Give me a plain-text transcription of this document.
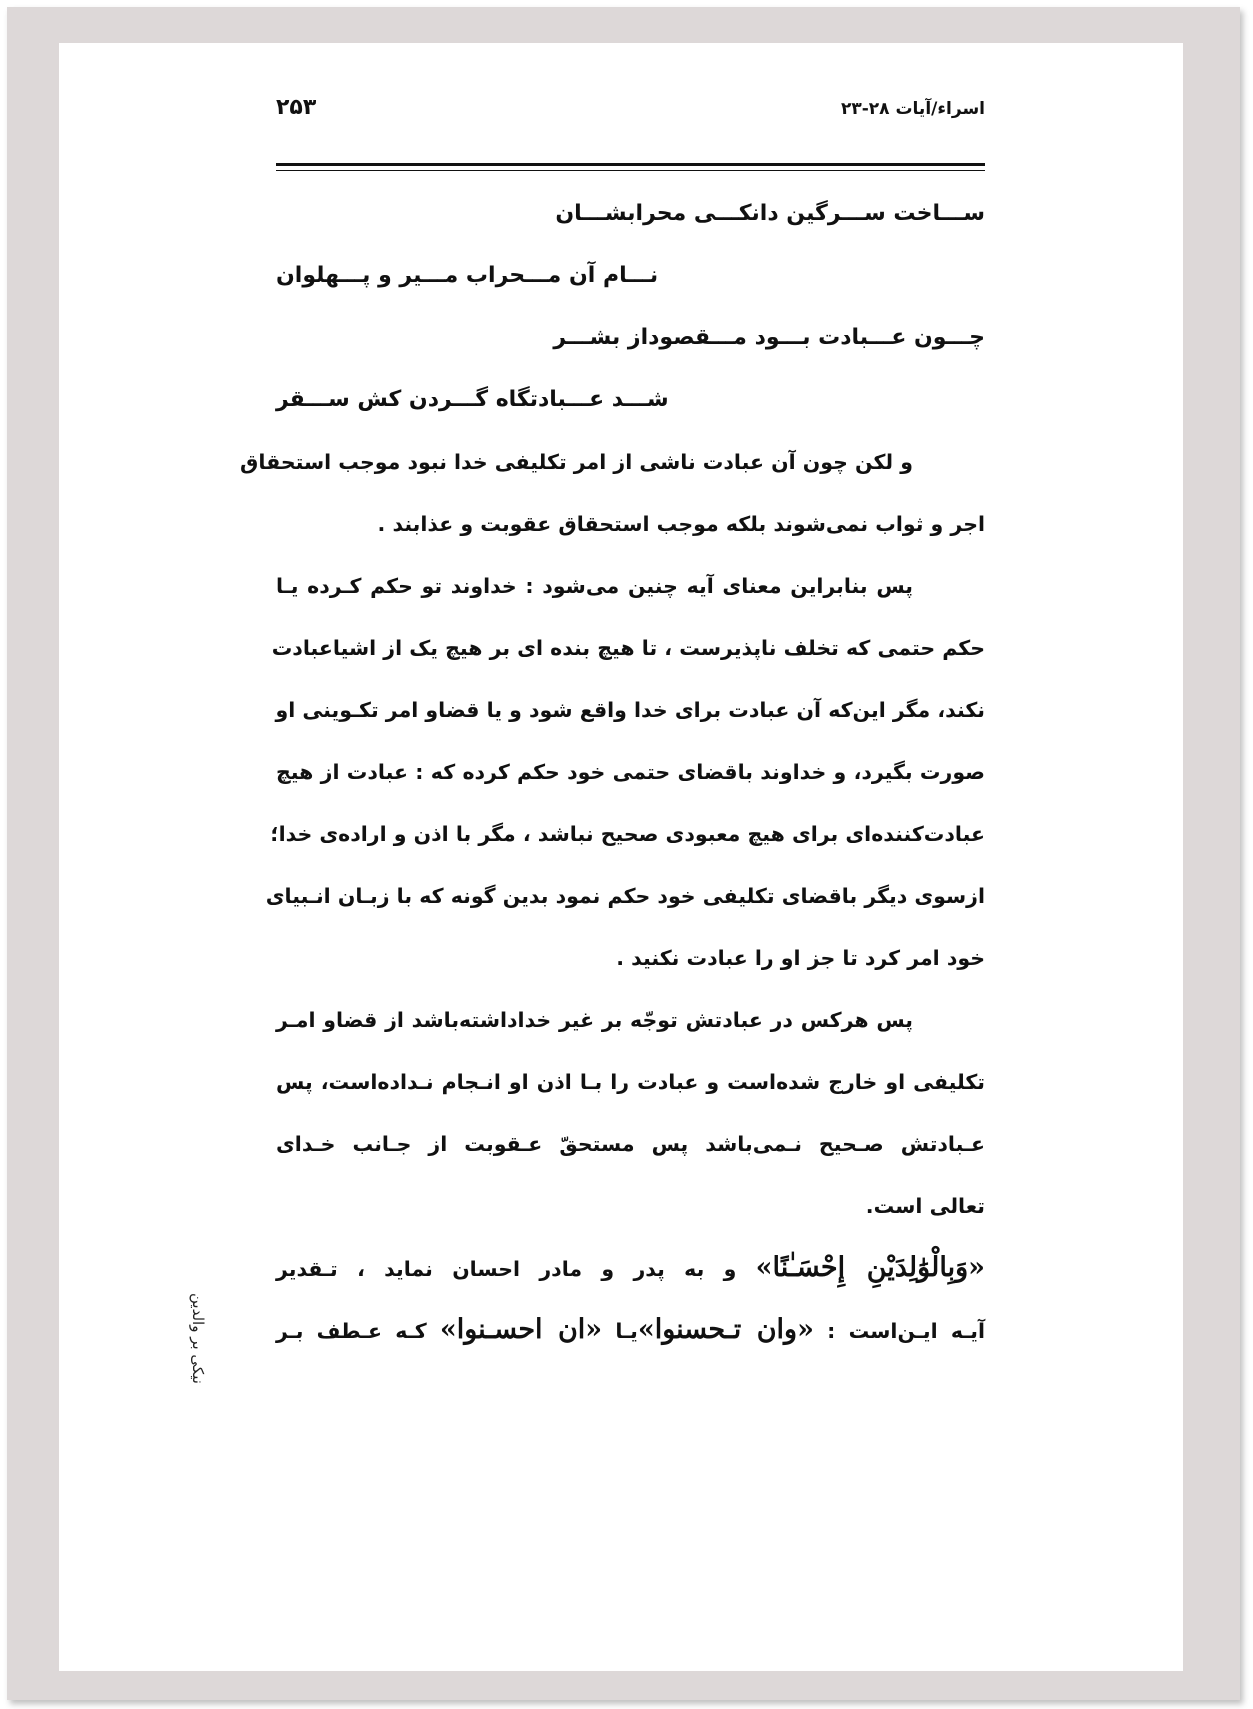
اسراء/آیات ۲۸-۲۳
۲۵۳
ســـاخت ســـرگین دانکـــی محرابشـــان
نـــام آن مـــحراب مـــیر و پـــهلوان
چـــون عـــبادت بـــود مـــقصوداز بشـــر
شـــد عـــبادتگاه گـــردن کش ســـقر
و لکن چون آن عبادت ناشی از امر تکلیفی خدا نبود موجب استحقاق
اجر و ثواب نمی‌شوند بلکه موجب استحقاق عقوبت و عذابند .
پس بنابراین معنای آیه چنین می‌شود : خداوند تو حکم کـرده یـا
حکم حتمی که تخلف ناپذیرست ، تا هیچ بنده ای بر هیچ یک از اشیاعبادت
نکند، مگر این‌که آن عبادت برای خدا واقع شود و یا قضاو امر تکـوینی او
صورت بگیرد، و خداوند باقضای حتمی خود حکم کرده که : عبادت از هیچ
عبادت‌کننده‌ای برای هیچ معبودی صحیح نباشد ، مگر با اذن و اراده‌ی خدا؛
ازسوی دیگر باقضای تکلیفی خود حکم نمود بدین گونه که با زبـان انـبیای
خود امر کرد تا جز او را عبادت نکنید .
پس هرکس در عبادتش توجّه بر غیر خداداشته‌باشد از قضاو امـر
تکلیفی او خارج شده‌است و عبادت را بـا اذن او انـجام نـداده‌است، پس
عـبادتش صـحیح نـمی‌باشد پس مستحقّ عـقوبت از جـانب خـدای
تعالی است.
«وَبِالْوَٰلِدَيْنِ إِحْسَـٰنًا» و به پدر و مادر احسان نماید ، تـقدیر
آیـه ایـن‌است : «وان تـحسنوا»یـا «ان احسـنوا» کـه عـطف بـر
نیکی بر والدین
